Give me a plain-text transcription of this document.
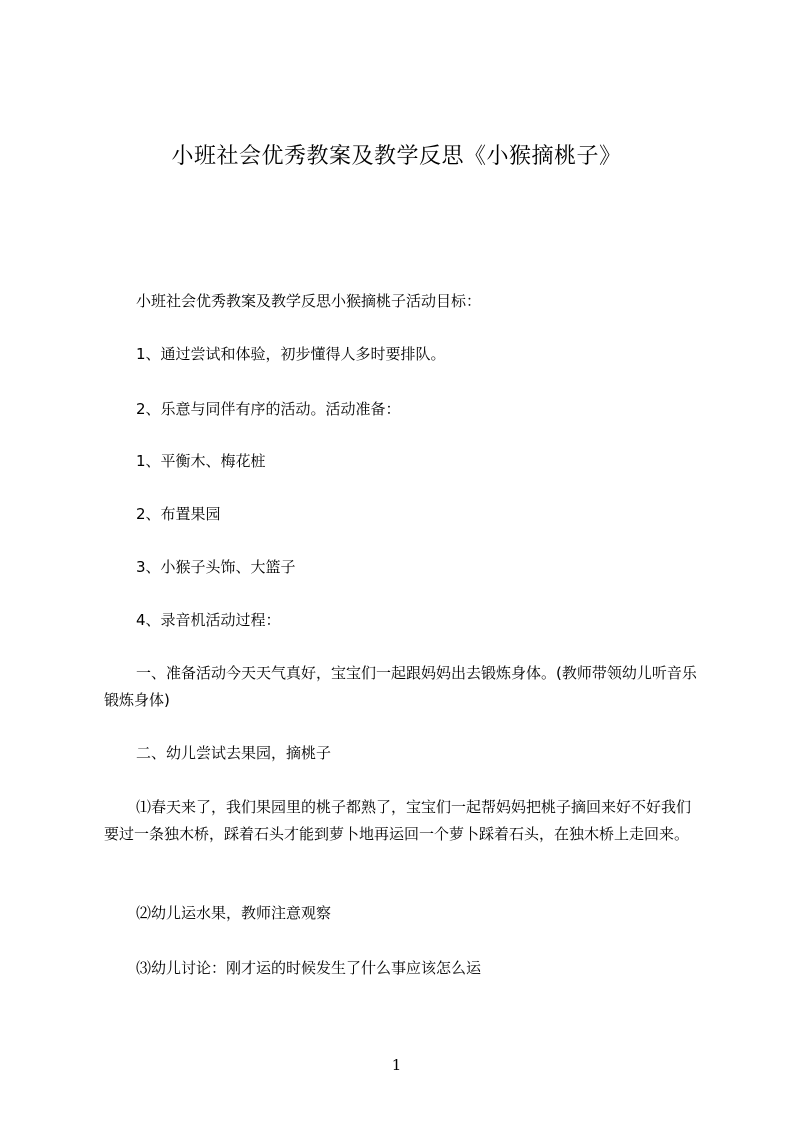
小班社会优秀教案及教学反思《小猴摘桃子》

小班社会优秀教案及教学反思小猴摘桃子活动目标：

1、通过尝试和体验，初步懂得人多时要排队。

2、乐意与同伴有序的活动。活动准备：

1、平衡木、梅花桩

2、布置果园

3、小猴子头饰、大篮子

4、录音机活动过程：

一、准备活动今天天气真好，宝宝们一起跟妈妈出去锻炼身体。(教师带领幼儿听音乐锻炼身体)

二、幼儿尝试去果园，摘桃子

⑴春天来了，我们果园里的桃子都熟了，宝宝们一起帮妈妈把桃子摘回来好不好我们要过一条独木桥，踩着石头才能到萝卜地再运回一个萝卜踩着石头，在独木桥上走回来。

⑵幼儿运水果，教师注意观察

⑶幼儿讨论：刚才运的时候发生了什么事应该怎么运

1
